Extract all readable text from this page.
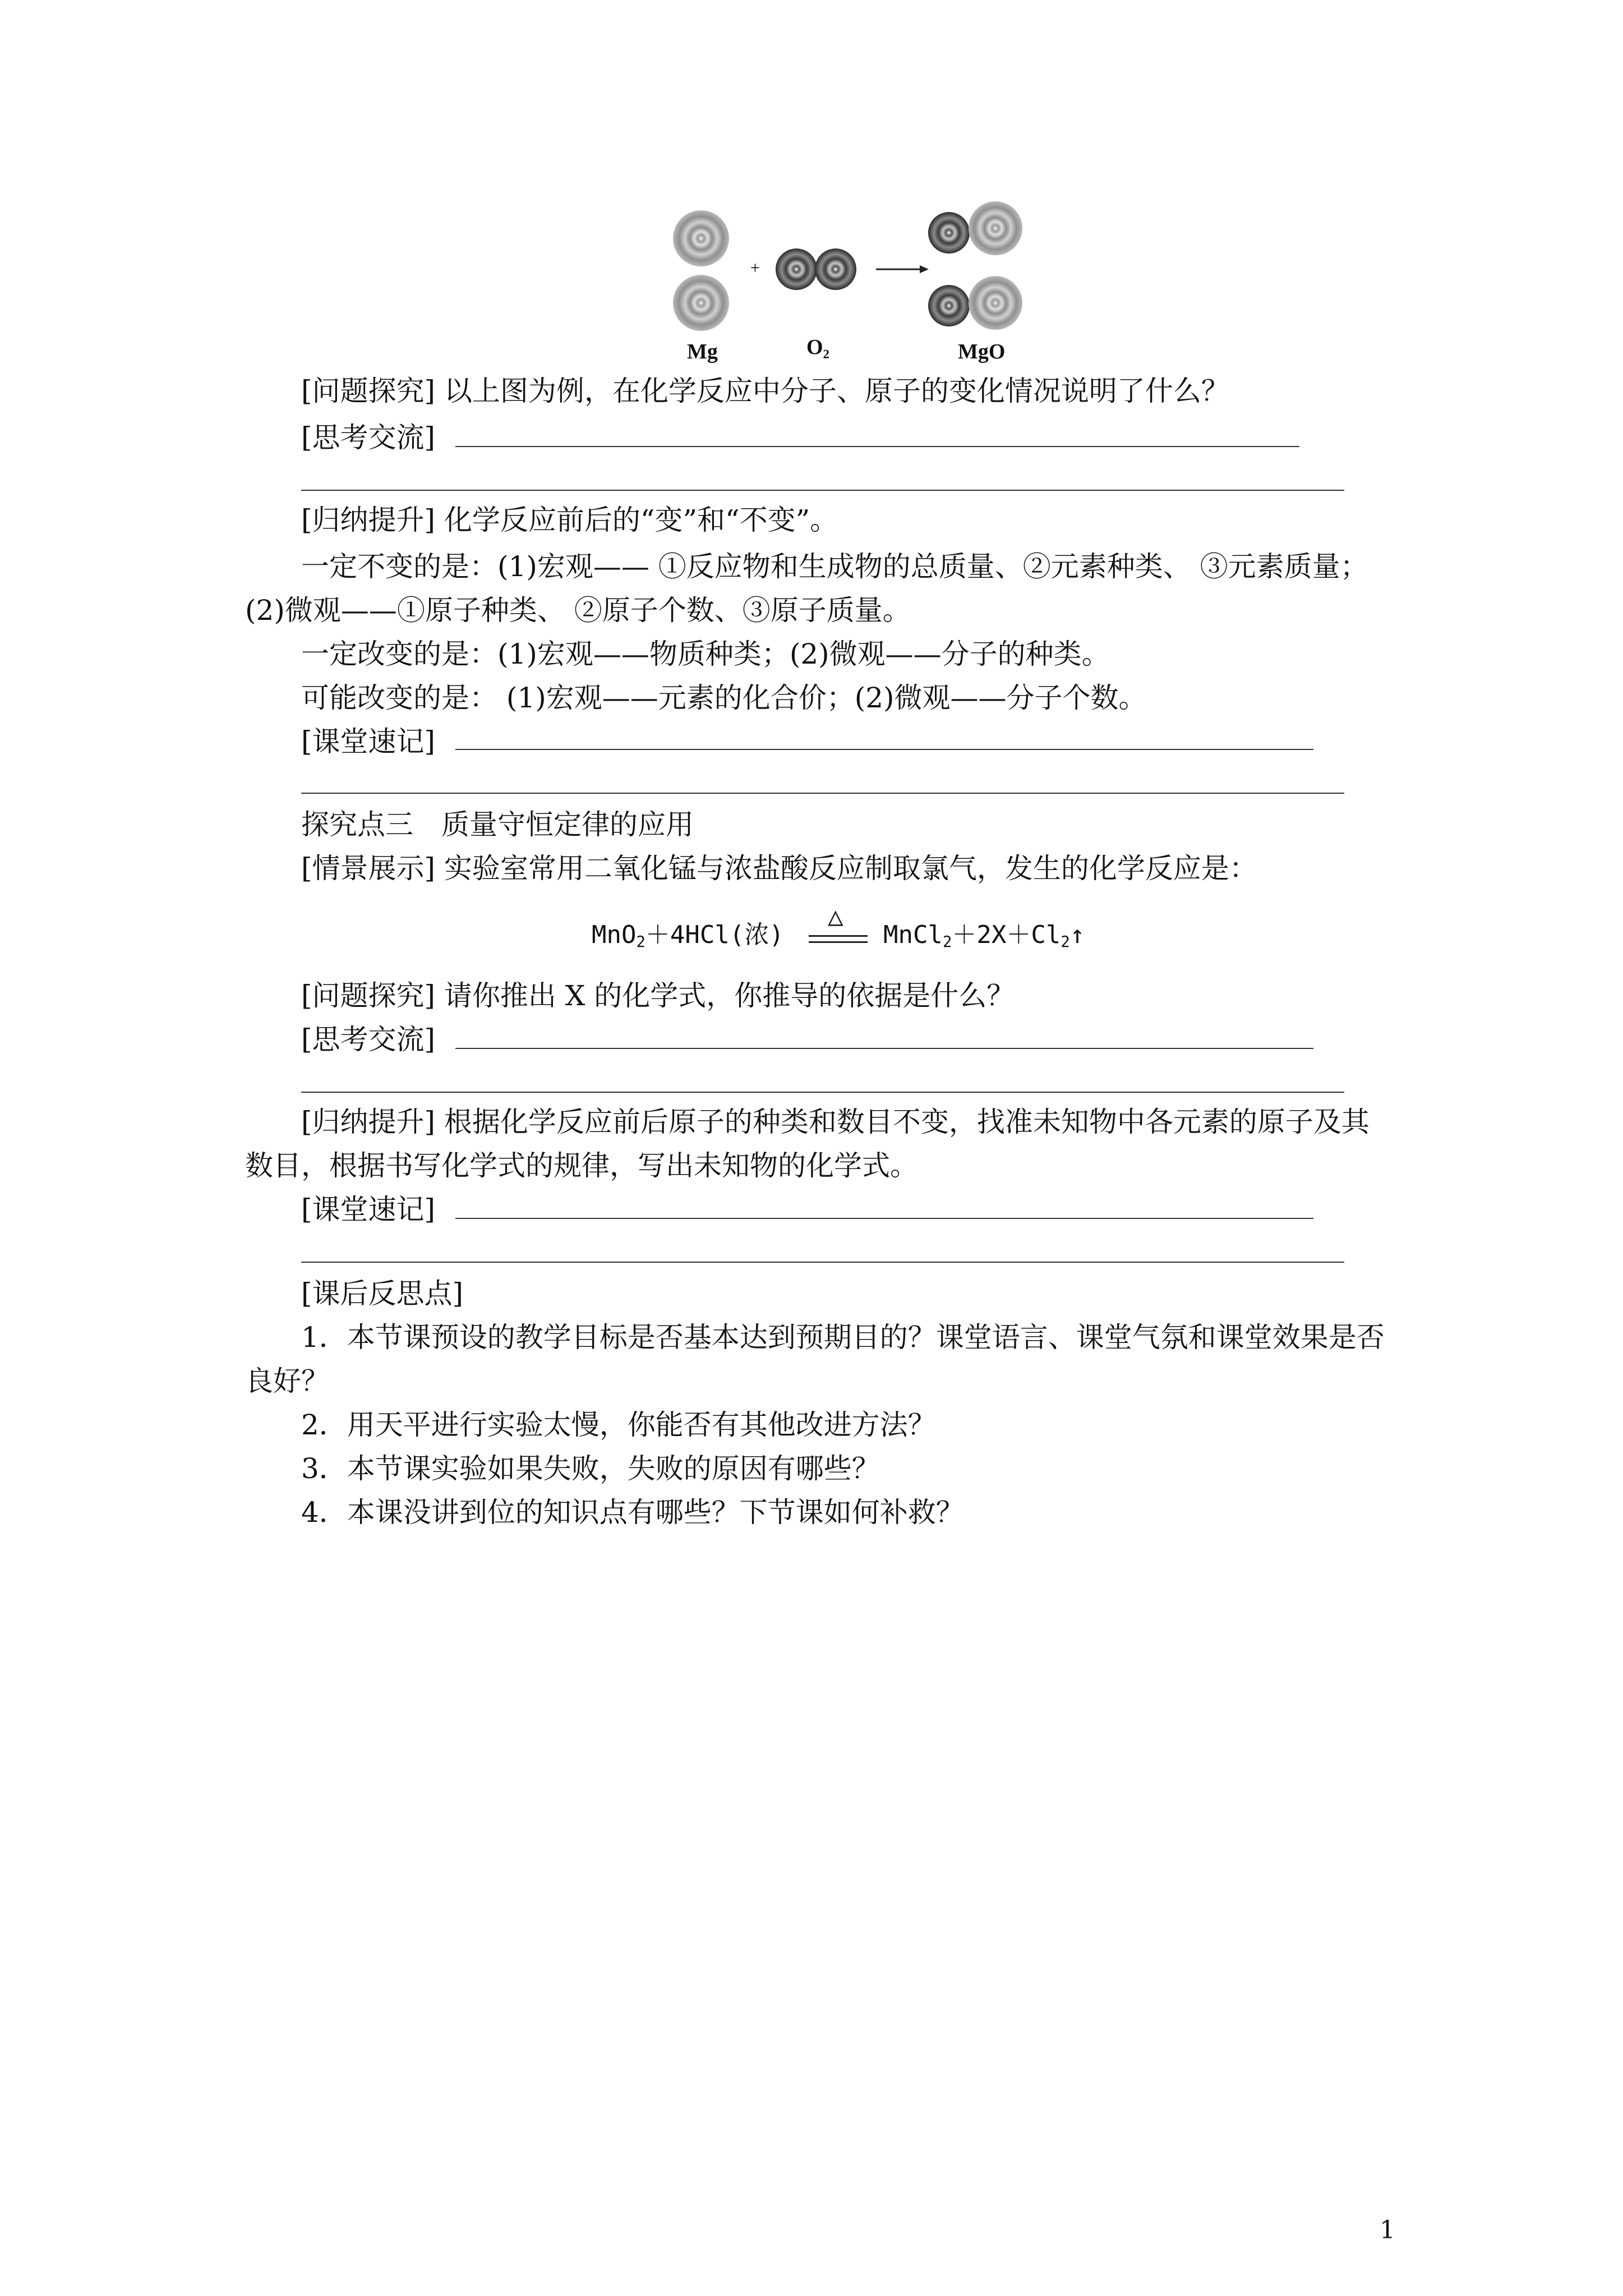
+
Mg	O₂	MgO
[问题探究] 以上图为例，在化学反应中分子、原子的变化情况说明了什么？
[思考交流]
[归纳提升] 化学反应前后的“变”和“不变”。
一定不变的是：(1)宏观—— ①反应物和生成物的总质量、②元素种类、 ③元素质量；
(2)微观——①原子种类、 ②原子个数、③原子质量。
一定改变的是：(1)宏观——物质种类；(2)微观——分子的种类。
可能改变的是： (1)宏观——元素的化合价；(2)微观——分子个数。
[课堂速记]
探究点三　质量守恒定律的应用
[情景展示] 实验室常用二氧化锰与浓盐酸反应制取氯气，发生的化学反应是：
MnO$_2$＋4HCl(浓)
△
$MnCl_2+2X+Cl_2↑$
[问题探究] 请你推出 X 的化学式，你推导的依据是什么？
[思考交流]
[归纳提升] 根据化学反应前后原子的种类和数目不变，找准未知物中各元素的原子及其
数目，根据书写化学式的规律，写出未知物的化学式。
[课堂速记]
[课后反思点]
1．本节课预设的教学目标是否基本达到预期目的？课堂语言、课堂气氛和课堂效果是否
良好？
2．用天平进行实验太慢，你能否有其他改进方法？
3．本节课实验如果失败，失败的原因有哪些？
4．本课没讲到位的知识点有哪些？下节课如何补救？
1
